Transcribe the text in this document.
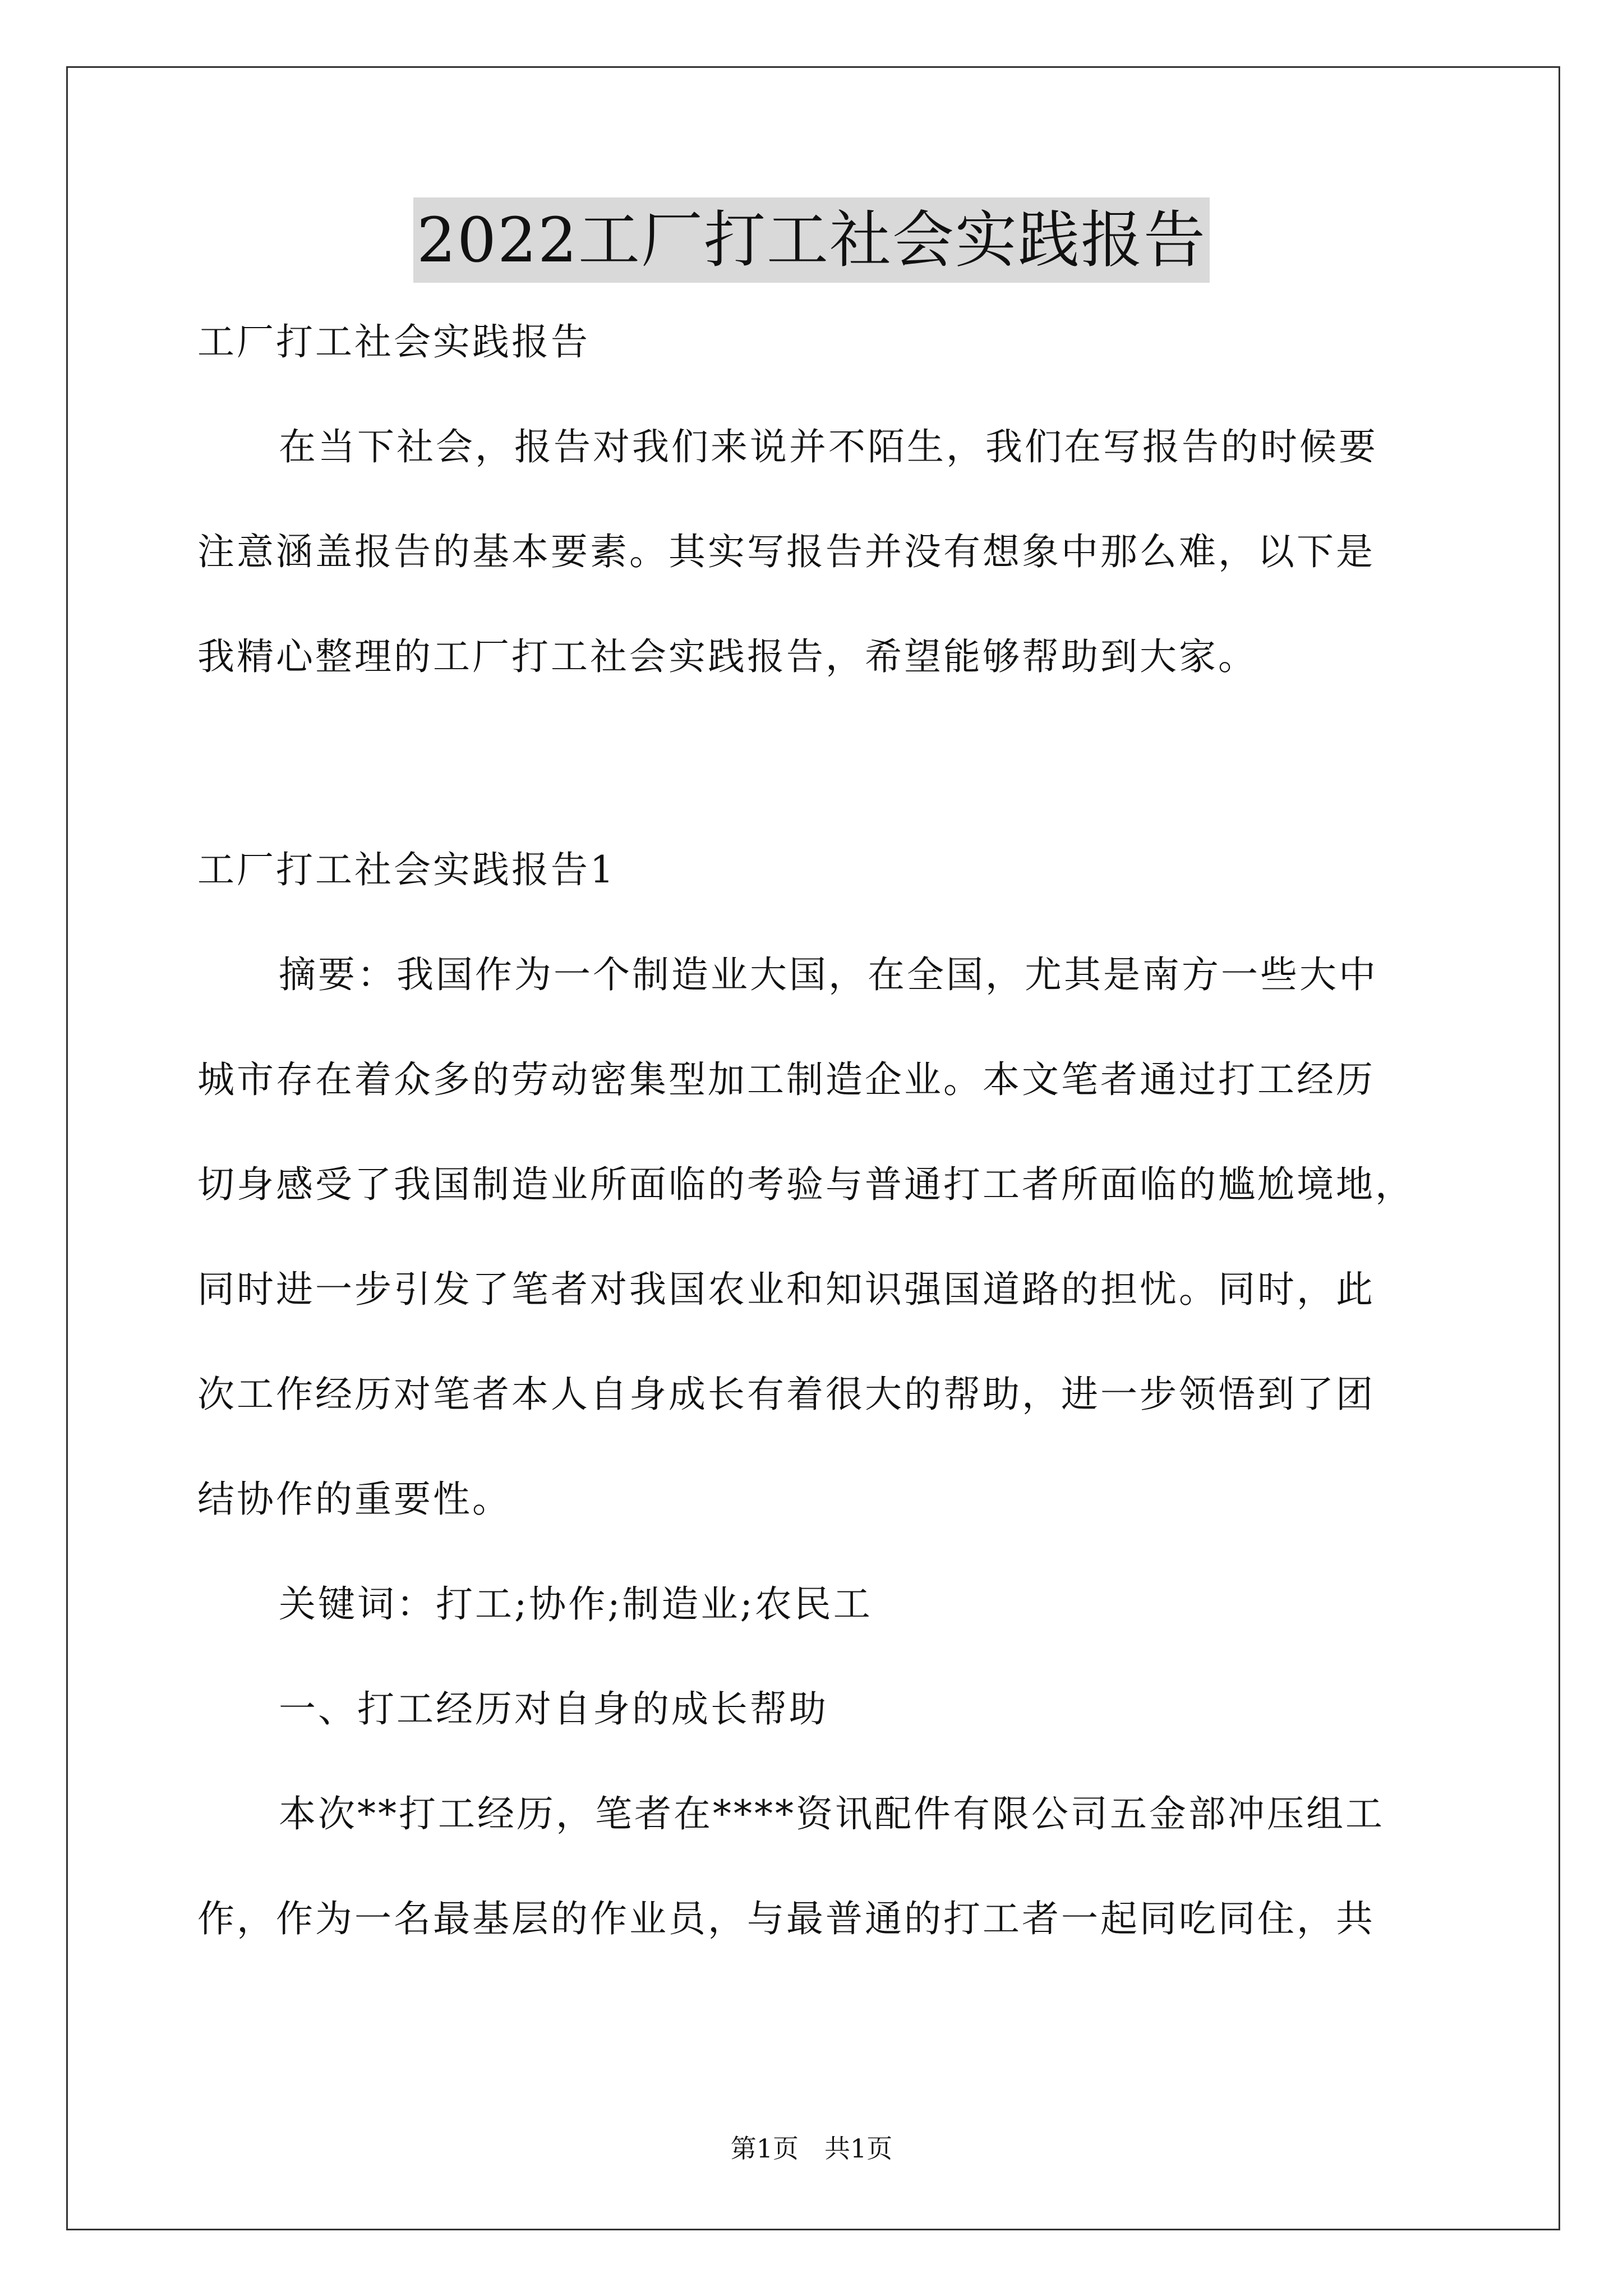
2022工厂打工社会实践报告
工厂打工社会实践报告
在当下社会，报告对我们来说并不陌生，我们在写报告的时候要
注意涵盖报告的基本要素。其实写报告并没有想象中那么难，以下是
我精心整理的工厂打工社会实践报告，希望能够帮助到大家。
工厂打工社会实践报告1
摘要：我国作为一个制造业大国，在全国，尤其是南方一些大中
城市存在着众多的劳动密集型加工制造企业。本文笔者通过打工经历
切身感受了我国制造业所面临的考验与普通打工者所面临的尴尬境地，
同时进一步引发了笔者对我国农业和知识强国道路的担忧。同时，此
次工作经历对笔者本人自身成长有着很大的帮助，进一步领悟到了团
结协作的重要性。
关键词：打工;协作;制造业;农民工
一、打工经历对自身的成长帮助
本次**打工经历，笔者在****资讯配件有限公司五金部冲压组工
作，作为一名最基层的作业员，与最普通的打工者一起同吃同住，共
第1页 共1页
